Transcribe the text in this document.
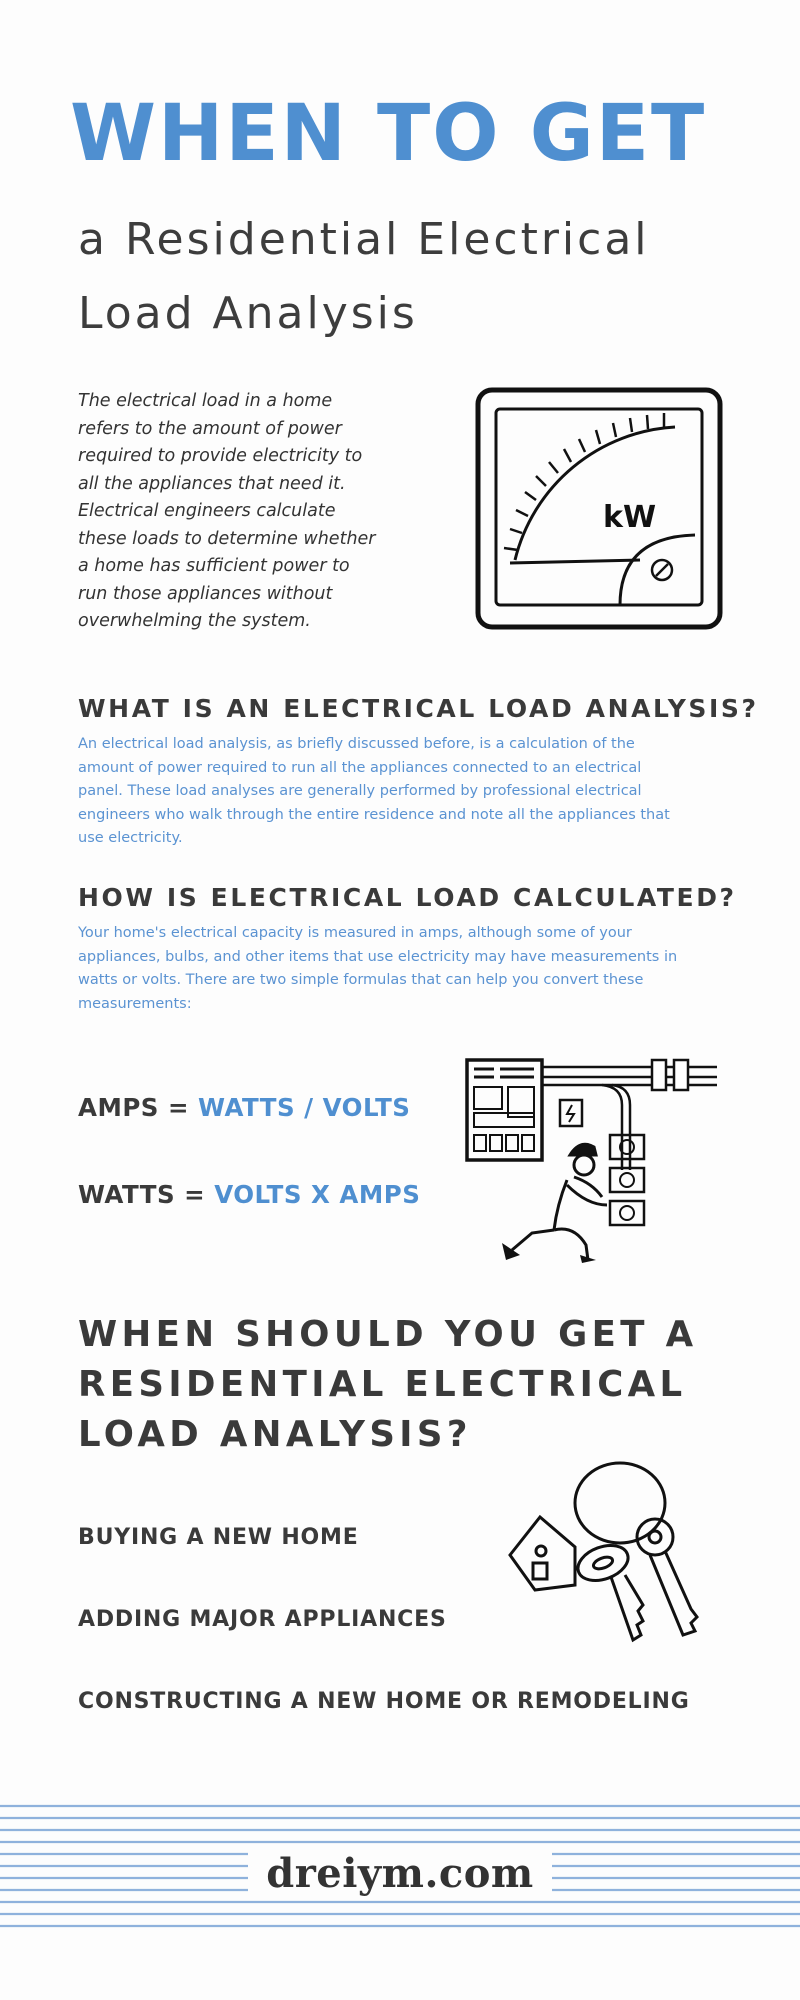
WHEN TO GET
a Residential Electrical
Load Analysis
The electrical load in a home refers to the amount of power required to provide electricity to all the appliances that need it. Electrical engineers calculate these loads to determine whether a home has sufficient power to run those appliances without overwhelming the system.
kW
WHAT IS AN ELECTRICAL LOAD ANALYSIS?
An electrical load analysis, as briefly discussed before, is a calculation of the amount of power required to run all the appliances connected to an electrical panel. These load analyses are generally performed by professional electrical engineers who walk through the entire residence and note all the appliances that use electricity.
HOW IS ELECTRICAL LOAD CALCULATED?
Your home's electrical capacity is measured in amps, although some of your appliances, bulbs, and other items that use electricity may have measurements in watts or volts. There are two simple formulas that can help you convert these measurements:
AMPS = WATTS / VOLTS
WATTS = VOLTS X AMPS
WHEN SHOULD YOU GET A RESIDENTIAL ELECTRICAL LOAD ANALYSIS?
BUYING A NEW HOME
ADDING MAJOR APPLIANCES
CONSTRUCTING A NEW HOME OR REMODELING
dreiym.com
